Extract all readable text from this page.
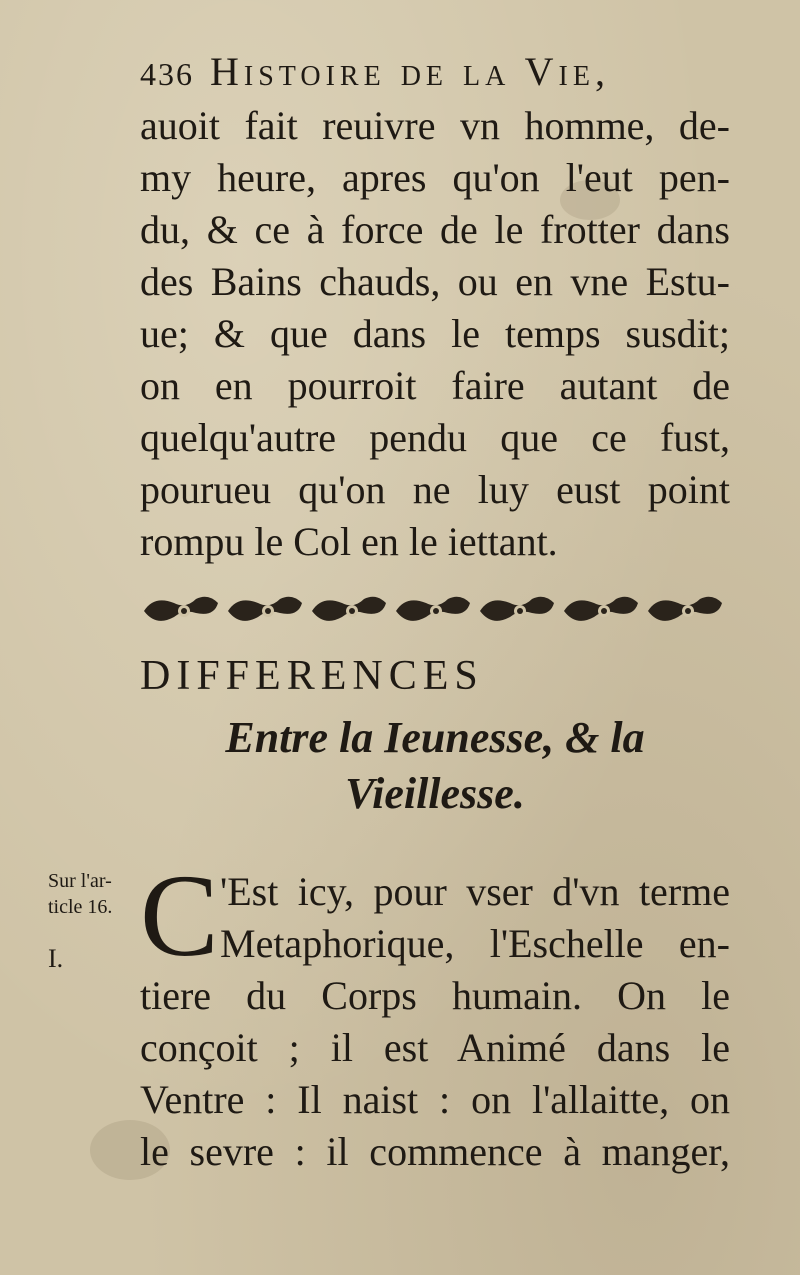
436 Histoire de la Vie,
auoit fait reuivre vn homme, de-
my heure, apres qu'on l'eut pen-
du, & ce à force de le frotter dans
des Bains chauds, ou en vne Estu-
ue; & que dans le temps susdit;
on en pourroit faire autant de
quelqu'autre pendu que ce fust,
pourueu qu'on ne luy eust point
rompu le Col en le iettant.
DIFFERENCES
Entre la Ieunesse, & la
Vieillesse.
Sur l'ar-
ticle 16.
I. C 'Est icy, pour vser d'vn terme
Metaphorique, l'Eschelle en-
tiere du Corps humain. On le
conçoit ; il est Animé dans le
Ventre : Il naist : on l'allaitte, on
le sevre : il commence à manger,
